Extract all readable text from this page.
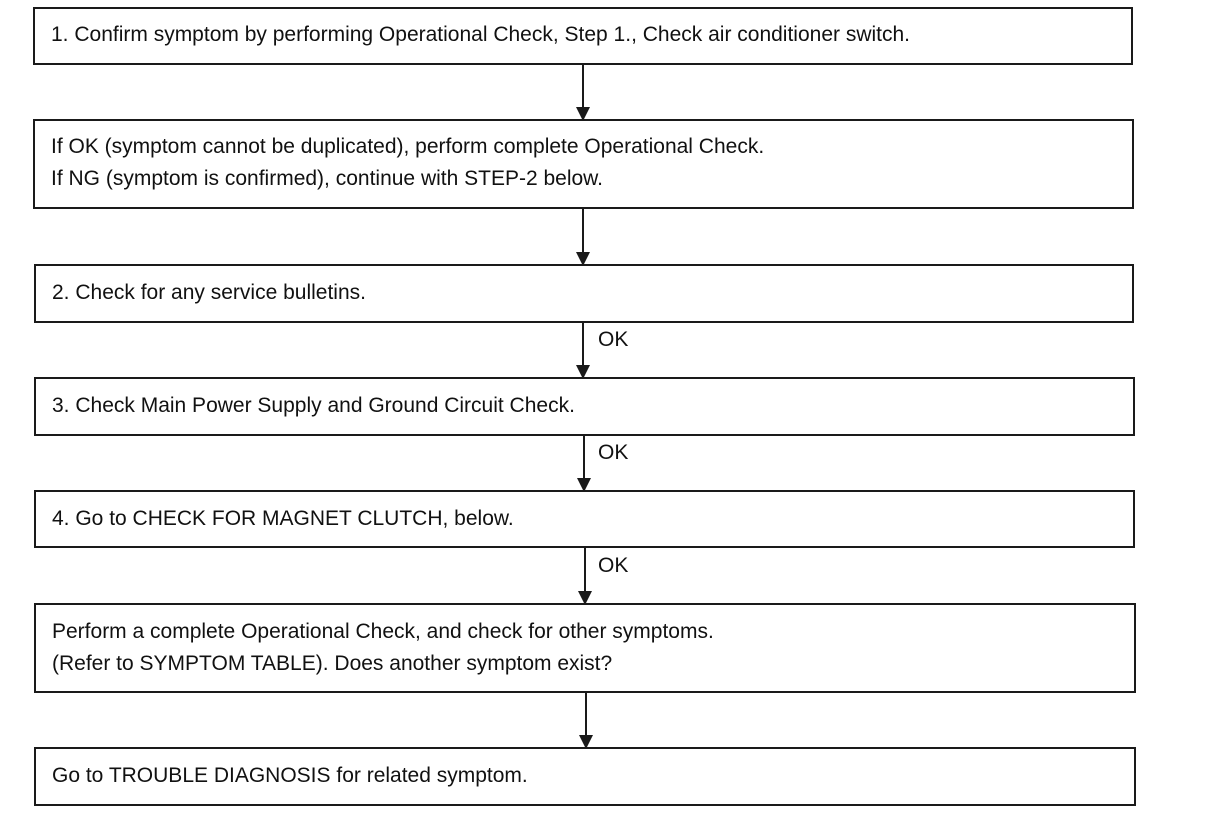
1. Confirm symptom by performing Operational Check, Step 1., Check air conditioner switch.
If OK (symptom cannot be duplicated), perform complete Operational Check.
If NG (symptom is confirmed), continue with STEP-2 below.
2. Check for any service bulletins.
3. Check Main Power Supply and Ground Circuit Check.
4. Go to CHECK FOR MAGNET CLUTCH, below.
Perform a complete Operational Check, and check for other symptoms.
(Refer to SYMPTOM TABLE). Does another symptom exist?
Go to TROUBLE DIAGNOSIS for related symptom.
OK
OK
OK
